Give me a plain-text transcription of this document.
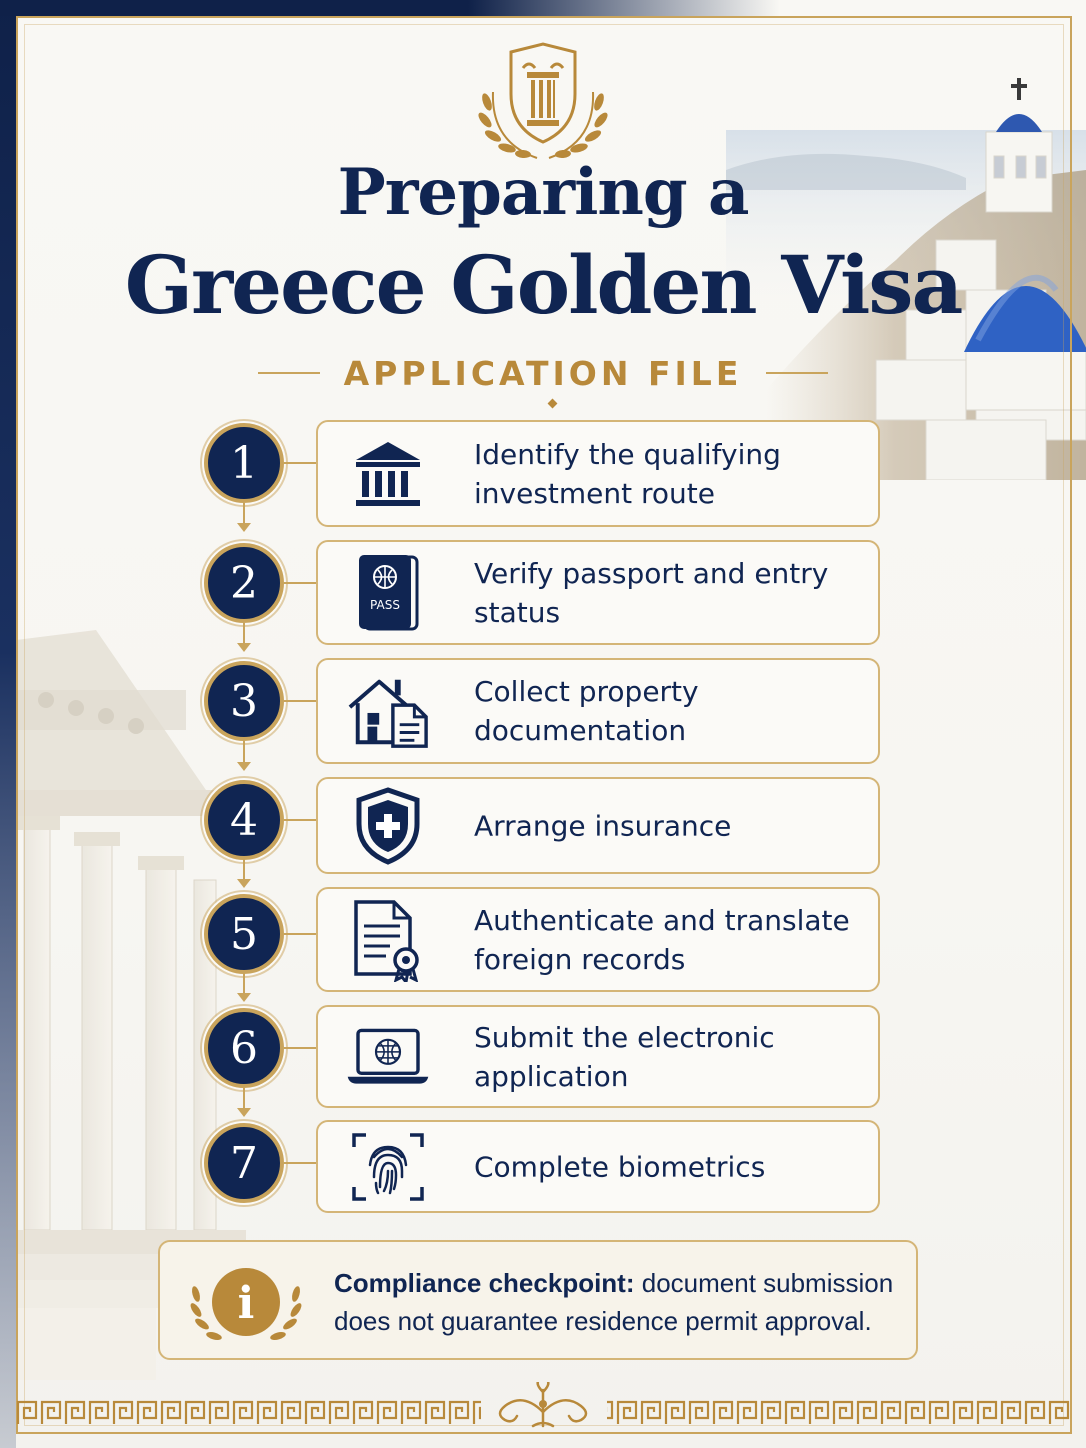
Preparing a
Greece Golden Visa
APPLICATION FILE
1	Identify the qualifying investment route
2	PASS
Verify passport and entry status
3	Collect property documentation
4	Arrange insurance
5	Authenticate and translate foreign records
6	Submit the electronic application
7	Complete biometrics
i	Compliance checkpoint: document submission does not guarantee residence permit approval.
